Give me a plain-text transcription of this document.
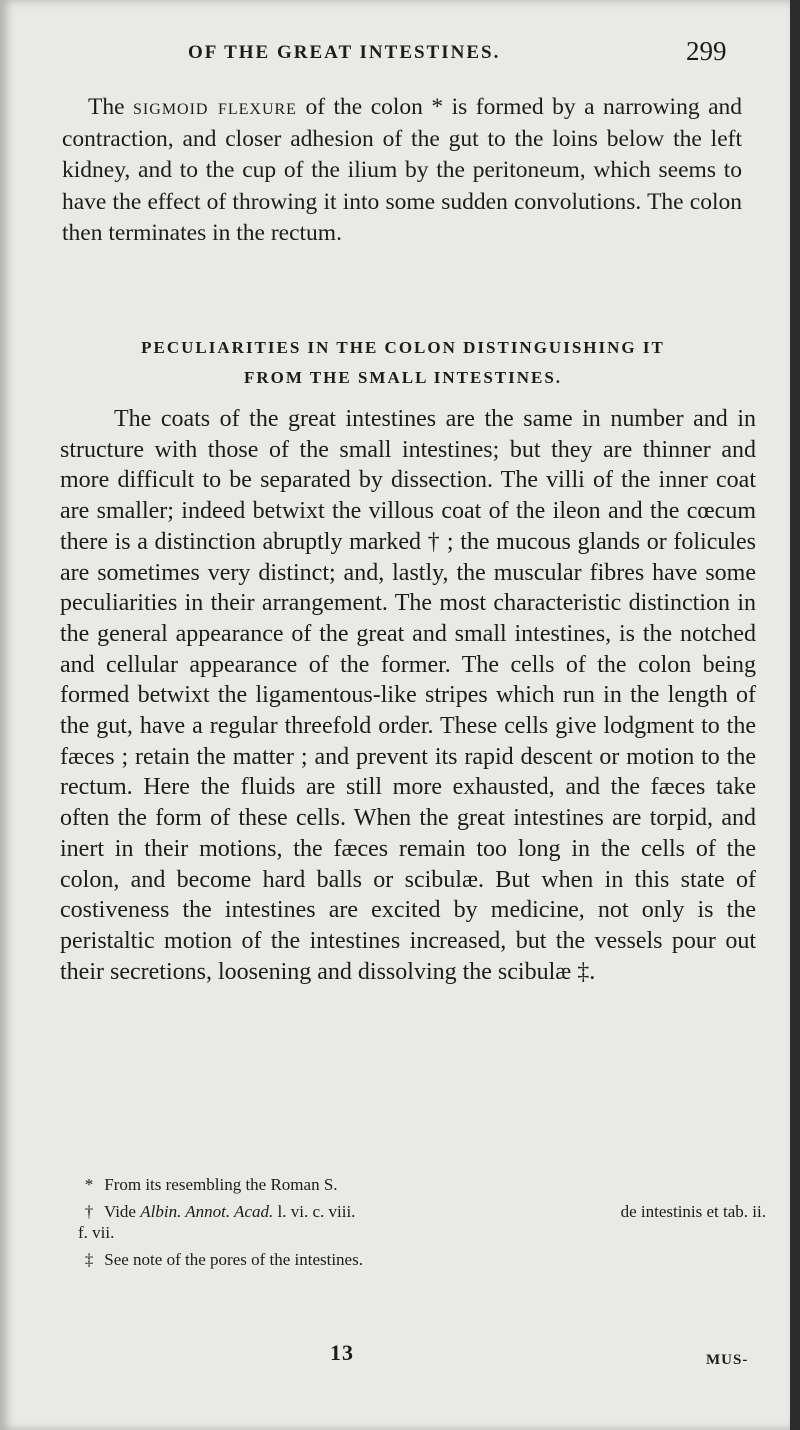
OF THE GREAT INTESTINES.	299
The sigmoid flexure of the colon * is formed by a narrowing and contraction, and closer adhesion of the gut to the loins below the left kidney, and to the cup of the ilium by the peritoneum, which seems to have the effect of throwing it into some sudden convolutions. The colon then terminates in the rectum.
PECULIARITIES IN THE COLON DISTINGUISHING IT
FROM THE SMALL INTESTINES.
The coats of the great intestines are the same in number and in structure with those of the small intestines; but they are thinner and more difficult to be separated by dissection. The villi of the inner coat are smaller; indeed betwixt the villous coat of the ileon and the cœcum there is a distinction abruptly marked † ; the mucous glands or folicules are sometimes very distinct; and, lastly, the muscular fibres have some peculiarities in their arrangement. The most characteristic distinction in the general appearance of the great and small intestines, is the notched and cellular appearance of the former. The cells of the colon being formed betwixt the ligamentous-like stripes which run in the length of the gut, have a regular threefold order. These cells give lodgment to the fæces ; retain the matter ; and prevent its rapid descent or motion to the rectum. Here the fluids are still more exhausted, and the fæces take often the form of these cells. When the great intestines are torpid, and inert in their motions, the fæces remain too long in the cells of the colon, and become hard balls or scibulæ. But when in this state of costiveness the intestines are excited by medicine, not only is the peristaltic motion of the intestines increased, but the vessels pour out their secretions, loosening and dissolving the scibulæ ‡.
* From its resembling the Roman S.
† Vide Albin. Annot. Acad. l. vi. c. viii.	de intestinis et tab. ii.
f. vii.
‡ See note of the pores of the intestines.
13	MUS-
